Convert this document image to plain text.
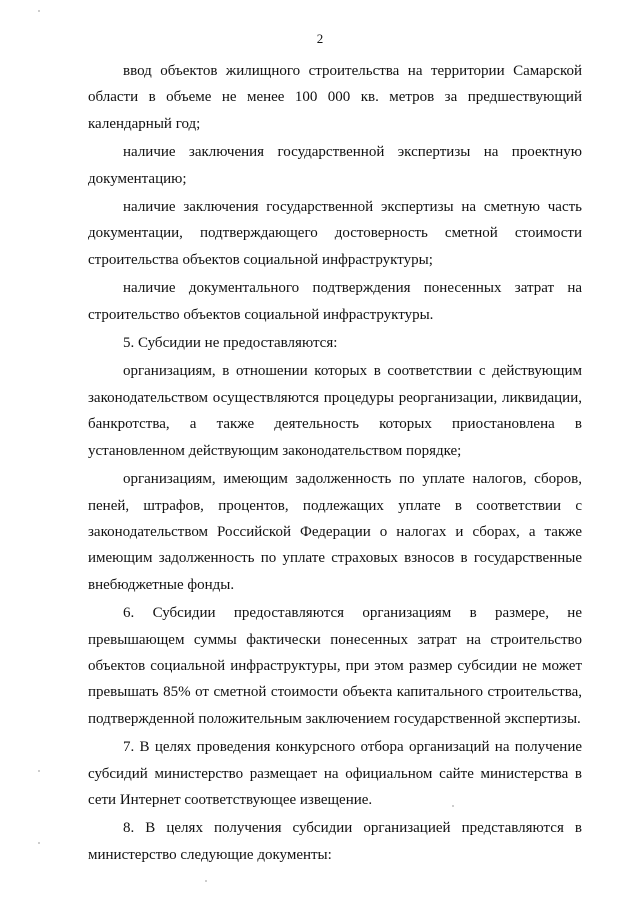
2

ввод объектов жилищного строительства на территории Самарской области в объеме не менее 100 000 кв. метров за предшествующий календарный год;

наличие заключения государственной экспертизы на проектную документацию;

наличие заключения государственной экспертизы на сметную часть документации, подтверждающего достоверность сметной стоимости строительства объектов социальной инфраструктуры;

наличие документального подтверждения понесенных затрат на строительство объектов социальной инфраструктуры.

5. Субсидии не предоставляются:

организациям, в отношении которых в соответствии с действующим законодательством осуществляются процедуры реорганизации, ликвидации, банкротства, а также деятельность которых приостановлена в установленном действующим законодательством порядке;

организациям, имеющим задолженность по уплате налогов, сборов, пеней, штрафов, процентов, подлежащих уплате в соответствии с законодательством Российской Федерации о налогах и сборах, а также имеющим задолженность по уплате страховых взносов в государственные внебюджетные фонды.

6. Субсидии предоставляются организациям в размере, не превышающем суммы фактически понесенных затрат на строительство объектов социальной инфраструктуры, при этом размер субсидии не может превышать 85% от сметной стоимости объекта капитального строительства, подтвержденной положительным заключением государственной экспертизы.

7. В целях проведения конкурсного отбора организаций на получение субсидий министерство размещает на официальном сайте министерства в сети Интернет соответствующее извещение.

8. В целях получения субсидии организацией представляются в министерство следующие документы:
